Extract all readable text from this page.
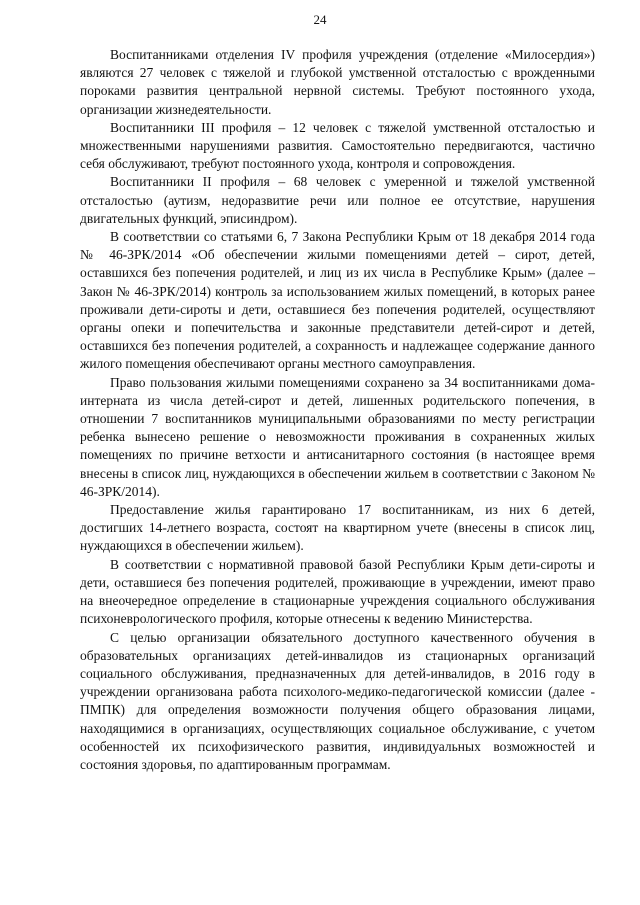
24

Воспитанниками отделения IV профиля учреждения (отделение «Милосердия») являются 27 человек с тяжелой и глубокой умственной отсталостью с врожденными пороками развития центральной нервной системы. Требуют постоянного ухода, организации жизнедеятельности.

Воспитанники III профиля – 12 человек с тяжелой умственной отсталостью и множественными нарушениями развития. Самостоятельно передвигаются, частично себя обслуживают, требуют постоянного ухода, контроля и сопровождения.

Воспитанники II профиля – 68 человек с умеренной и тяжелой умственной отсталостью (аутизм, недоразвитие речи или полное ее отсутствие, нарушения двигательных функций, эписиндром).

В соответствии со статьями 6, 7 Закона Республики Крым от 18 декабря 2014 года № 46-ЗРК/2014 «Об обеспечении жилыми помещениями детей – сирот, детей, оставшихся без попечения родителей, и лиц из их числа в Республике Крым» (далее – Закон № 46-ЗРК/2014) контроль за использованием жилых помещений, в которых ранее проживали дети-сироты и дети, оставшиеся без попечения родителей, осуществляют органы опеки и попечительства и законные представители детей-сирот и детей, оставшихся без попечения родителей, а сохранность и надлежащее содержание данного жилого помещения обеспечивают органы местного самоуправления.

Право пользования жилыми помещениями сохранено за 34 воспитанниками дома-интерната из числа детей-сирот и детей, лишенных родительского попечения, в отношении 7 воспитанников муниципальными образованиями по месту регистрации ребенка вынесено решение о невозможности проживания в сохраненных жилых помещениях по причине ветхости и антисанитарного состояния (в настоящее время внесены в список лиц, нуждающихся в обеспечении жильем в соответствии с Законом № 46-ЗРК/2014).

Предоставление жилья гарантировано 17 воспитанникам, из них 6 детей, достигших 14-летнего возраста, состоят на квартирном учете (внесены в список лиц, нуждающихся в обеспечении жильем).

В соответствии с нормативной правовой базой Республики Крым дети-сироты и дети, оставшиеся без попечения родителей, проживающие в учреждении, имеют право на внеочередное определение в стационарные учреждения социального обслуживания психоневрологического профиля, которые отнесены к ведению Министерства.

С целью организации обязательного доступного качественного обучения в образовательных организациях детей-инвалидов из стационарных организаций социального обслуживания, предназначенных для детей-инвалидов, в 2016 году в учреждении организована работа психолого-медико-педагогической комиссии (далее - ПМПК) для определения возможности получения общего образования лицами, находящимися в организациях, осуществляющих социальное обслуживание, с учетом особенностей их психофизического развития, индивидуальных возможностей и состояния здоровья, по адаптированным программам.
